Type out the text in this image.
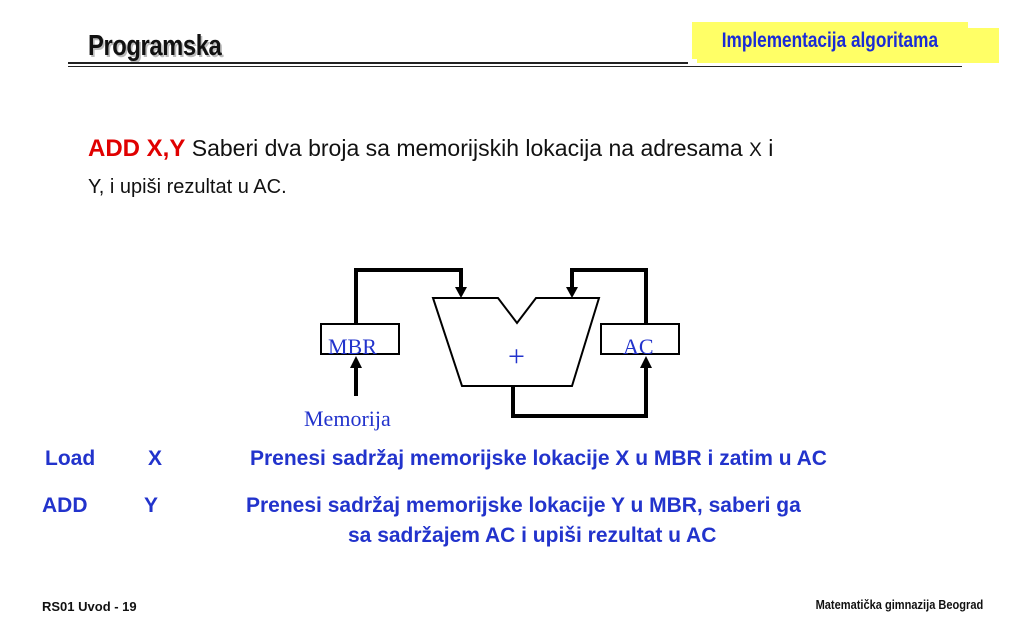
Programska	Implementacija algoritama
ADD X,Y Saberi dva broja sa memorijskih lokacija na adresama X i
Y, i upiši rezultat u AC.
MBR	AC
+
Memorija
Load	X	Prenesi sadržaj memorijske lokacije X u MBR i zatim u AC
ADD	Y	Prenesi sadržaj memorijske lokacije Y u MBR, saberi ga
sa sadržajem AC i upiši rezultat u AC
RS01 Uvod - 19	Matematička gimnazija Beograd
